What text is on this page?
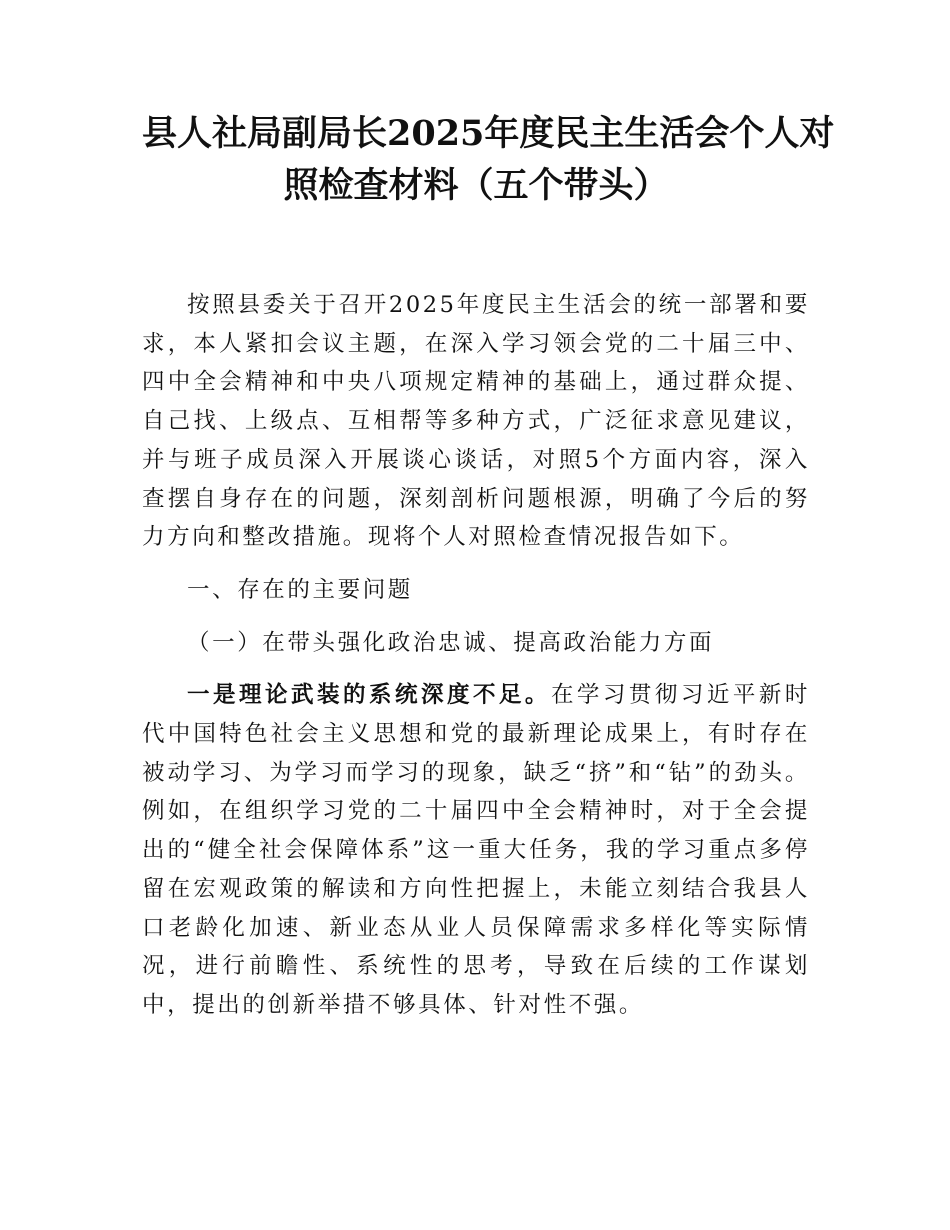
县人社局副局长2025年度民主生活会个人对
照检查材料（五个带头）

按照县委关于召开2025年度民主生活会的统一部署和要求，本人紧扣会议主题，在深入学习领会党的二十届三中、四中全会精神和中央八项规定精神的基础上，通过群众提、自己找、上级点、互相帮等多种方式，广泛征求意见建议，并与班子成员深入开展谈心谈话，对照5个方面内容，深入查摆自身存在的问题，深刻剖析问题根源，明确了今后的努力方向和整改措施。现将个人对照检查情况报告如下。

一、存在的主要问题

（一）在带头强化政治忠诚、提高政治能力方面

一是理论武装的系统深度不足。在学习贯彻习近平新时代中国特色社会主义思想和党的最新理论成果上，有时存在被动学习、为学习而学习的现象，缺乏“挤”和“钻”的劲头。例如，在组织学习党的二十届四中全会精神时，对于全会提出的“健全社会保障体系”这一重大任务，我的学习重点多停留在宏观政策的解读和方向性把握上，未能立刻结合我县人口老龄化加速、新业态从业人员保障需求多样化等实际情况，进行前瞻性、系统性的思考，导致在后续的工作谋划中，提出的创新举措不够具体、针对性不强。
